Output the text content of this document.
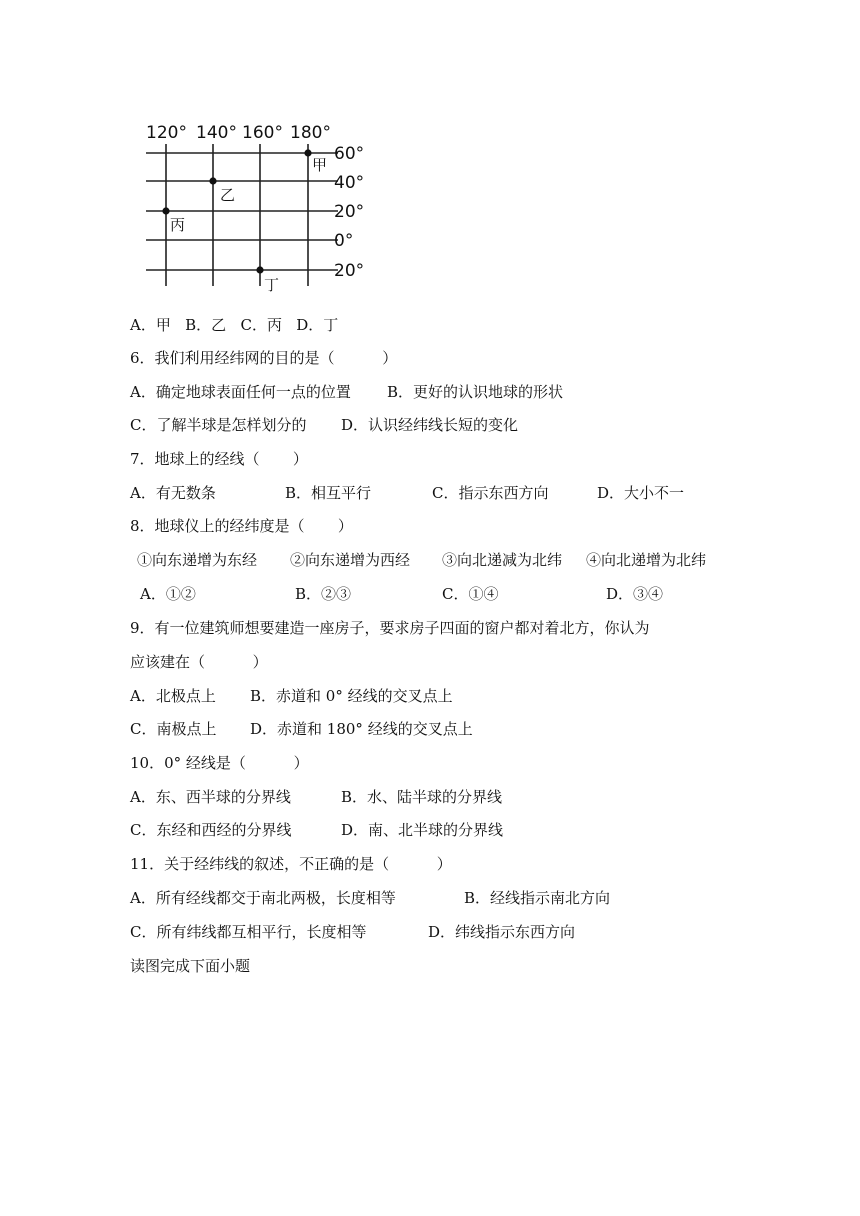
120° 140° 160° 180°
60°
40°
20°
0°
20°
甲
乙
丙
丁
A．甲   B．乙   C．丙   D．丁
6．我们利用经纬网的目的是（          ）
A．确定地球表面任何一点的位置 B．更好的认识地球的形状
C．了解半球是怎样划分的 D．认识经纬线长短的变化
7．地球上的经线（       ）
A．有无数条	B．相互平行	C．指示东西方向	D．大小不一
8．地球仪上的经纬度是（       ）
①向东递增为东经 ②向东递增为西经 ③向北递减为北纬 ④向北递增为北纬
A．①②	B．②③	C．①④	D．③④
9．有一位建筑师想要建造一座房子，要求房子四面的窗户都对着北方，你认为
应该建在（          ）
A．北极点上 B．赤道和 0° 经线的交叉点上
C．南极点上 D．赤道和 180° 经线的交叉点上
10．0° 经线是（          ）
A．东、西半球的分界线	B．水、陆半球的分界线
C．东经和西经的分界线	D．南、北半球的分界线
11．关于经纬线的叙述，不正确的是（          ）
A．所有经线都交于南北两极，长度相等	B．经线指示南北方向
C．所有纬线都互相平行，长度相等	D．纬线指示东西方向
读图完成下面小题
